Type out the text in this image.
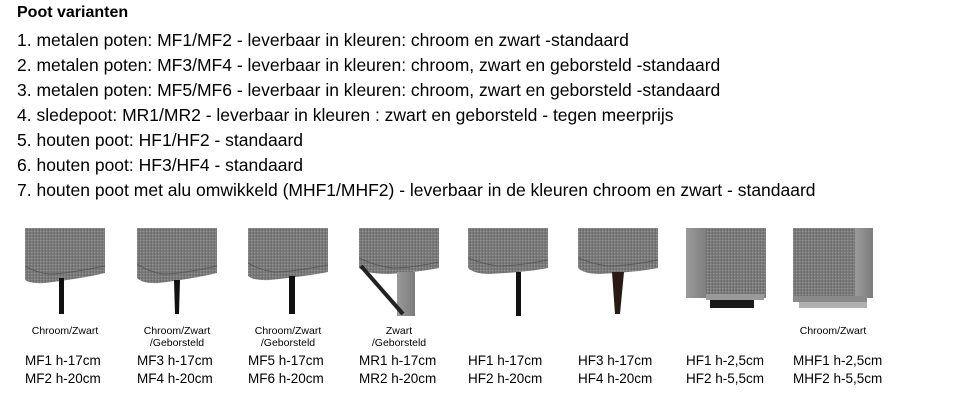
Poot varianten
1. metalen poten: MF1/MF2 - leverbaar in kleuren: chroom en zwart -standaard
2. metalen poten: MF3/MF4 - leverbaar in kleuren: chroom, zwart en geborsteld -standaard
3. metalen poten: MF5/MF6 - leverbaar in kleuren: chroom, zwart en geborsteld -standaard
4. sledepoot: MR1/MR2 - leverbaar in kleuren : zwart en geborsteld - tegen meerprijs
5. houten poot: HF1/HF2 - standaard
6. houten poot: HF3/HF4 - standaard
7. houten poot met alu omwikkeld (MHF1/MHF2) - leverbaar in de kleuren chroom en zwart - standaard
Chroom/Zwart
MF1 h-17cm
MF2 h-20cm
Chroom/Zwart
/Geborsteld
MF3 h-17cm
MF4 h-20cm
Chroom/Zwart
/Geborsteld
MF5 h-17cm
MF6 h-20cm
Zwart
/Geborsteld
MR1 h-17cm
MR2 h-20cm
HF1 h-17cm
HF2 h-20cm
HF3 h-17cm
HF4 h-20cm
HF1 h-2,5cm
HF2 h-5,5cm
Chroom/Zwart
MHF1 h-2,5cm
MHF2 h-5,5cm
